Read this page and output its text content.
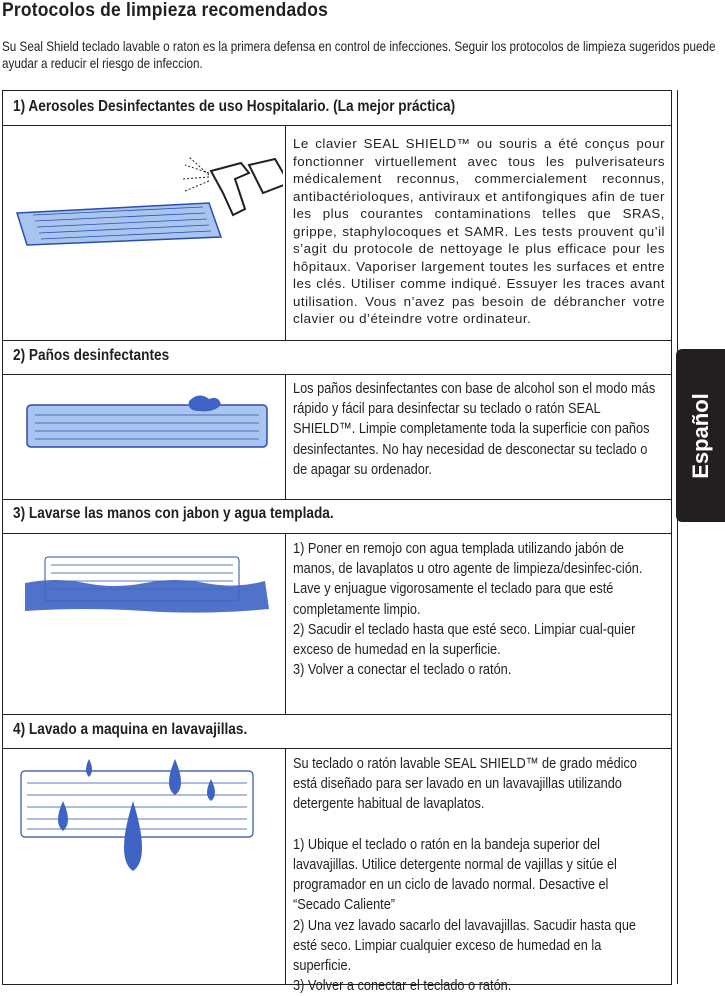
Protocolos de limpieza recomendados
Su Seal Shield teclado lavable o raton es la primera defensa en control de infecciones. Seguir los protocolos de limpieza sugeridos puede ayudar a reducir el riesgo de infeccion.
1) Aerosoles Desinfectantes de uso Hospitalario. (La mejor práctica)
Le clavier SEAL SHIELD™ ou souris a été conçus pour fonctionner virtuellement avec tous les pulverisateurs médicalement reconnus, commercialement reconnus, antibactérioloques, antiviraux et antifongiques afin de tuer les plus courantes contaminations telles que SRAS, grippe, staphylocoques et SAMR. Les tests prouvent qu’il s’agit du protocole de nettoyage le plus efficace pour les hôpitaux. Vaporiser largement toutes les surfaces et entre les clés. Utiliser comme indiqué. Essuyer les traces avant utilisation. Vous n’avez pas besoin de débrancher votre clavier ou d’éteindre votre ordinateur.
2) Paños desinfectantes
Los paños desinfectantes con base de alcohol son el modo más rápido y fácil para desinfectar su teclado o ratón SEAL SHIELD™. Limpie completamente toda la superficie con paños desinfectantes. No hay necesidad de desconectar su teclado o de apagar su ordenador.
3) Lavarse las manos con jabon y agua templada.
1) Poner en remojo con agua templada utilizando jabón de manos, de lavaplatos u otro agente de limpieza/desinfec-ción. Lave y enjuague vigorosamente el teclado para que esté completamente limpio.
2) Sacudir el teclado hasta que esté seco. Limpiar cual-quier exceso de humedad en la superficie.
3) Volver a conectar el teclado o ratón.
4) Lavado a maquina en lavavajillas.
Su teclado o ratón lavable SEAL SHIELD™ de grado médico está diseñado para ser lavado en un lavavajillas utilizando detergente habitual de lavaplatos.

1) Ubique el teclado o ratón en la bandeja superior del lavavajillas. Utilice detergente normal de vajillas y sitúe el programador en un ciclo de lavado normal. Desactive el “Secado Caliente”
2) Una vez lavado sacarlo del lavavajillas. Sacudir hasta que esté seco. Limpiar cualquier exceso de humedad en la superficie.
3) Volver a conectar el teclado o ratón.
Español
